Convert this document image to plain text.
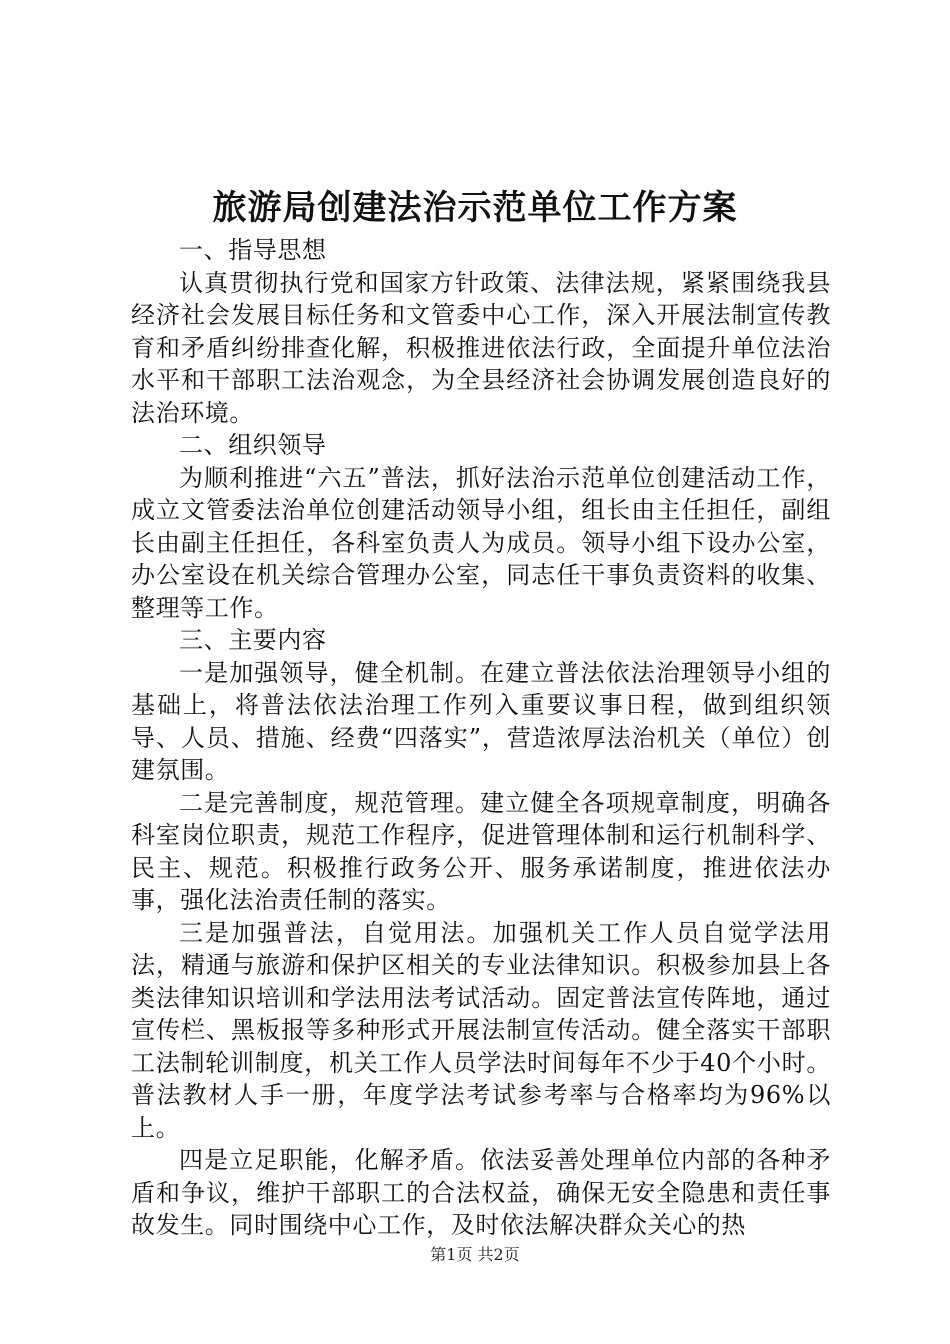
旅游局创建法治示范单位工作方案

一、指导思想

认真贯彻执行党和国家方针政策、法律法规，紧紧围绕我县经济社会发展目标任务和文管委中心工作，深入开展法制宣传教育和矛盾纠纷排查化解，积极推进依法行政，全面提升单位法治水平和干部职工法治观念，为全县经济社会协调发展创造良好的法治环境。

二、组织领导

为顺利推进“六五”普法，抓好法治示范单位创建活动工作，成立文管委法治单位创建活动领导小组，组长由主任担任，副组长由副主任担任，各科室负责人为成员。领导小组下设办公室，办公室设在机关综合管理办公室，同志任干事负责资料的收集、整理等工作。

三、主要内容

一是加强领导，健全机制。在建立普法依法治理领导小组的基础上，将普法依法治理工作列入重要议事日程，做到组织领导、人员、措施、经费“四落实”，营造浓厚法治机关（单位）创建氛围。

二是完善制度，规范管理。建立健全各项规章制度，明确各科室岗位职责，规范工作程序，促进管理体制和运行机制科学、民主、规范。积极推行政务公开、服务承诺制度，推进依法办事，强化法治责任制的落实。

三是加强普法，自觉用法。加强机关工作人员自觉学法用法，精通与旅游和保护区相关的专业法律知识。积极参加县上各类法律知识培训和学法用法考试活动。固定普法宣传阵地，通过宣传栏、黑板报等多种形式开展法制宣传活动。健全落实干部职工法制轮训制度，机关工作人员学法时间每年不少于40个小时。普法教材人手一册，年度学法考试参考率与合格率均为96%以上。

四是立足职能，化解矛盾。依法妥善处理单位内部的各种矛盾和争议，维护干部职工的合法权益，确保无安全隐患和责任事故发生。同时围绕中心工作，及时依法解决群众关心的热

第1页 共2页
